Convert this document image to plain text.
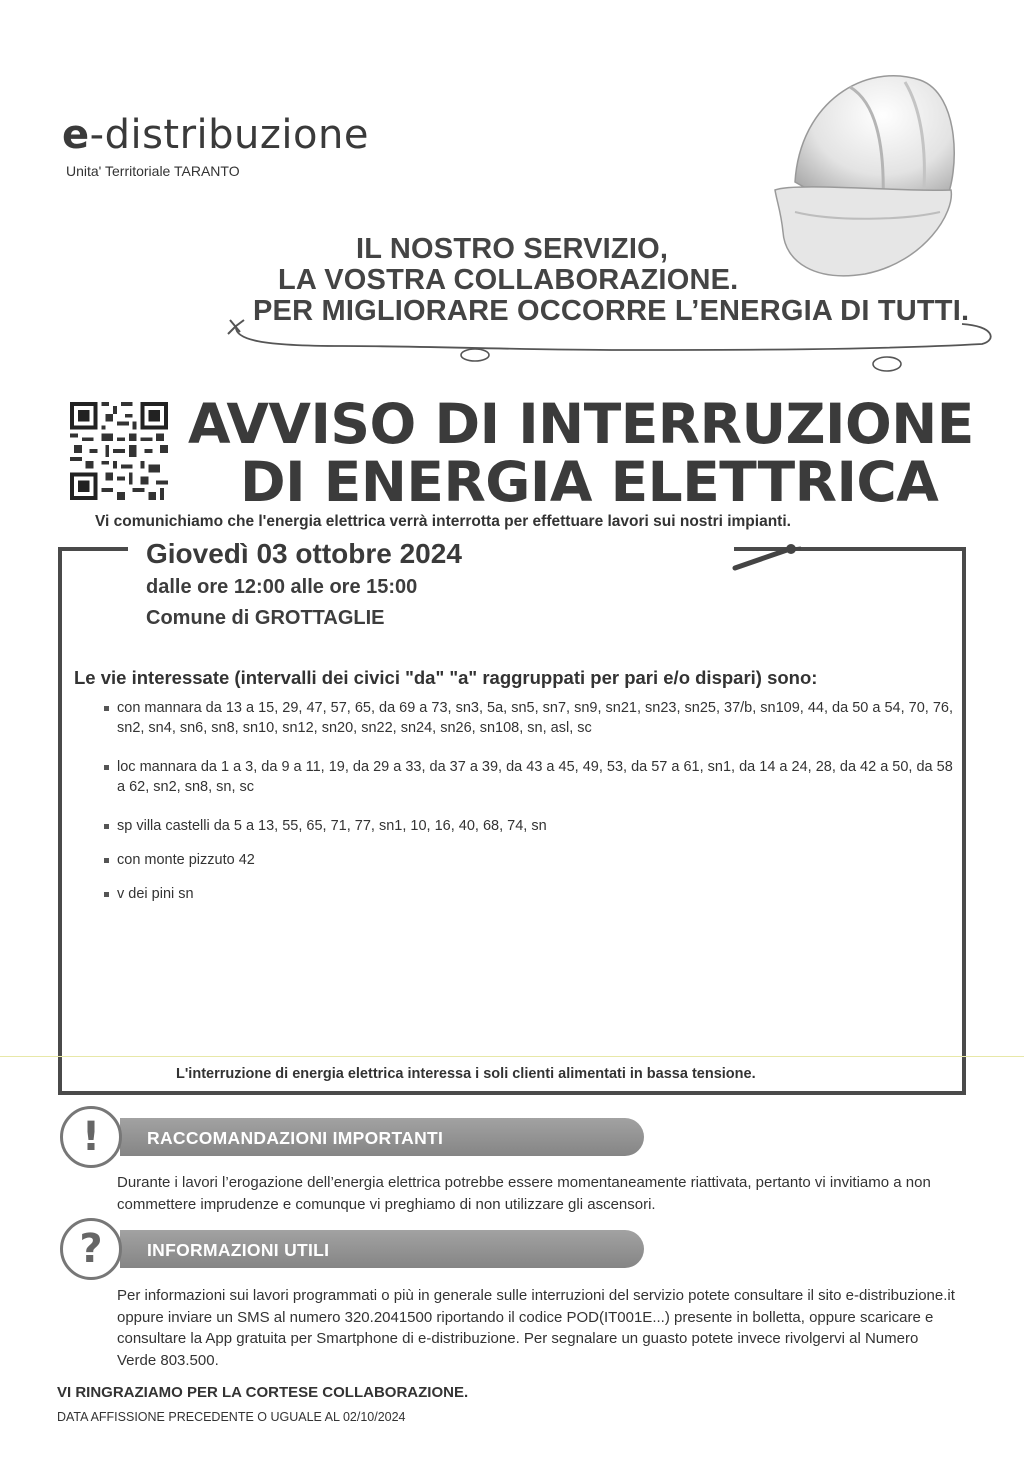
e-distribuzione
Unita' Territoriale TARANTO
IL NOSTRO SERVIZIO,
LA VOSTRA COLLABORAZIONE.
PER MIGLIORARE OCCORRE L’ENERGIA DI TUTTI.
AVVISO DI INTERRUZIONE
DI ENERGIA ELETTRICA
Vi comunichiamo che l'energia elettrica verrà interrotta per effettuare lavori sui nostri impianti.
Giovedì 03 ottobre 2024
dalle ore 12:00 alle ore 15:00
Comune di GROTTAGLIE
Le vie interessate (intervalli dei civici "da" "a" raggruppati per pari e/o dispari) sono:
con mannara da 13 a 15, 29, 47, 57, 65, da 69 a 73, sn3, 5a, sn5, sn7, sn9, sn21, sn23, sn25, 37/b, sn109, 44, da 50 a 54, 70, 76, sn2, sn4, sn6, sn8, sn10, sn12, sn20, sn22, sn24, sn26, sn108, sn, asl, sc
loc mannara da 1 a 3, da 9 a 11, 19, da 29 a 33, da 37 a 39, da 43 a 45, 49, 53, da 57 a 61, sn1, da 14 a 24, 28, da 42 a 50, da 58 a 62, sn2, sn8, sn, sc
sp villa castelli da 5 a 13, 55, 65, 71, 77, sn1, 10, 16, 40, 68, 74, sn
con monte pizzuto 42
v dei pini sn
L'interruzione di energia elettrica interessa i soli clienti alimentati in bassa tensione.
RACCOMANDAZIONI IMPORTANTI
!
Durante i lavori l’erogazione dell’energia elettrica potrebbe essere momentaneamente riattivata, pertanto vi invitiamo a non commettere imprudenze e comunque vi preghiamo di non utilizzare gli ascensori.
INFORMAZIONI UTILI
?
Per informazioni sui lavori programmati o più in generale sulle interruzioni del servizio potete consultare il sito e-distribuzione.it oppure inviare un SMS al numero 320.2041500 riportando il codice POD(IT001E...) presente in bolletta, oppure scaricare e consultare la App gratuita per Smartphone di e-distribuzione. Per segnalare un guasto potete invece rivolgervi al Numero Verde 803.500.
VI RINGRAZIAMO PER LA CORTESE COLLABORAZIONE.
DATA AFFISSIONE PRECEDENTE O UGUALE AL 02/10/2024
